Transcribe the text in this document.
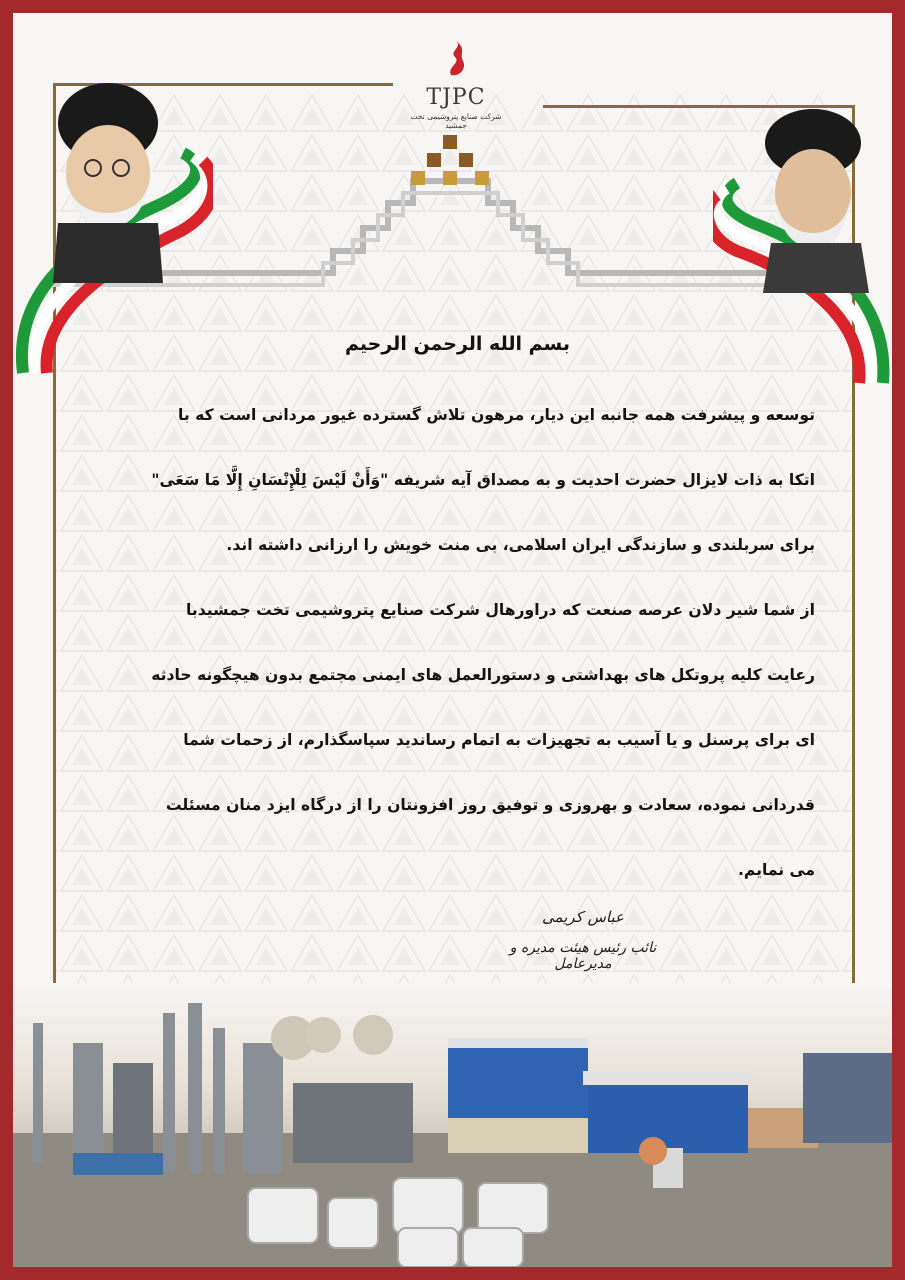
TJPC
شرکت صنایع پتروشیمی تخت جمشید
بسم الله الرحمن الرحیم

توسعه و پیشرفت همه جانبه این دیار، مرهون تلاش گسترده غیور مردانی است که با

اتکا به ذات لایزال حضرت احدیت و به مصداق آیه شریفه "وَأَنْ لَيْسَ لِلْإِنْسَانِ إِلَّا مَا سَعَى"

برای سربلندی و سازندگی ایران اسلامی، بی منت خویش را ارزانی داشته اند.

از شما شیر دلان عرصه صنعت که دراورهال شرکت صنایع پتروشیمی تخت جمشیدبا

رعایت کلیه پروتکل های بهداشتی و دستورالعمل های ایمنی مجتمع بدون هیچگونه حادثه

ای برای پرسنل و یا آسیب به تجهیزات به اتمام رساندید سپاسگذارم، از زحمات شما

قدردانی نموده، سعادت و بهروزی و توفیق روز افزونتان را از درگاه ایزد منان مسئلت

می نمایم.

عباس کریمی
نائب رئیس هیئت مدیره و مدیرعامل
